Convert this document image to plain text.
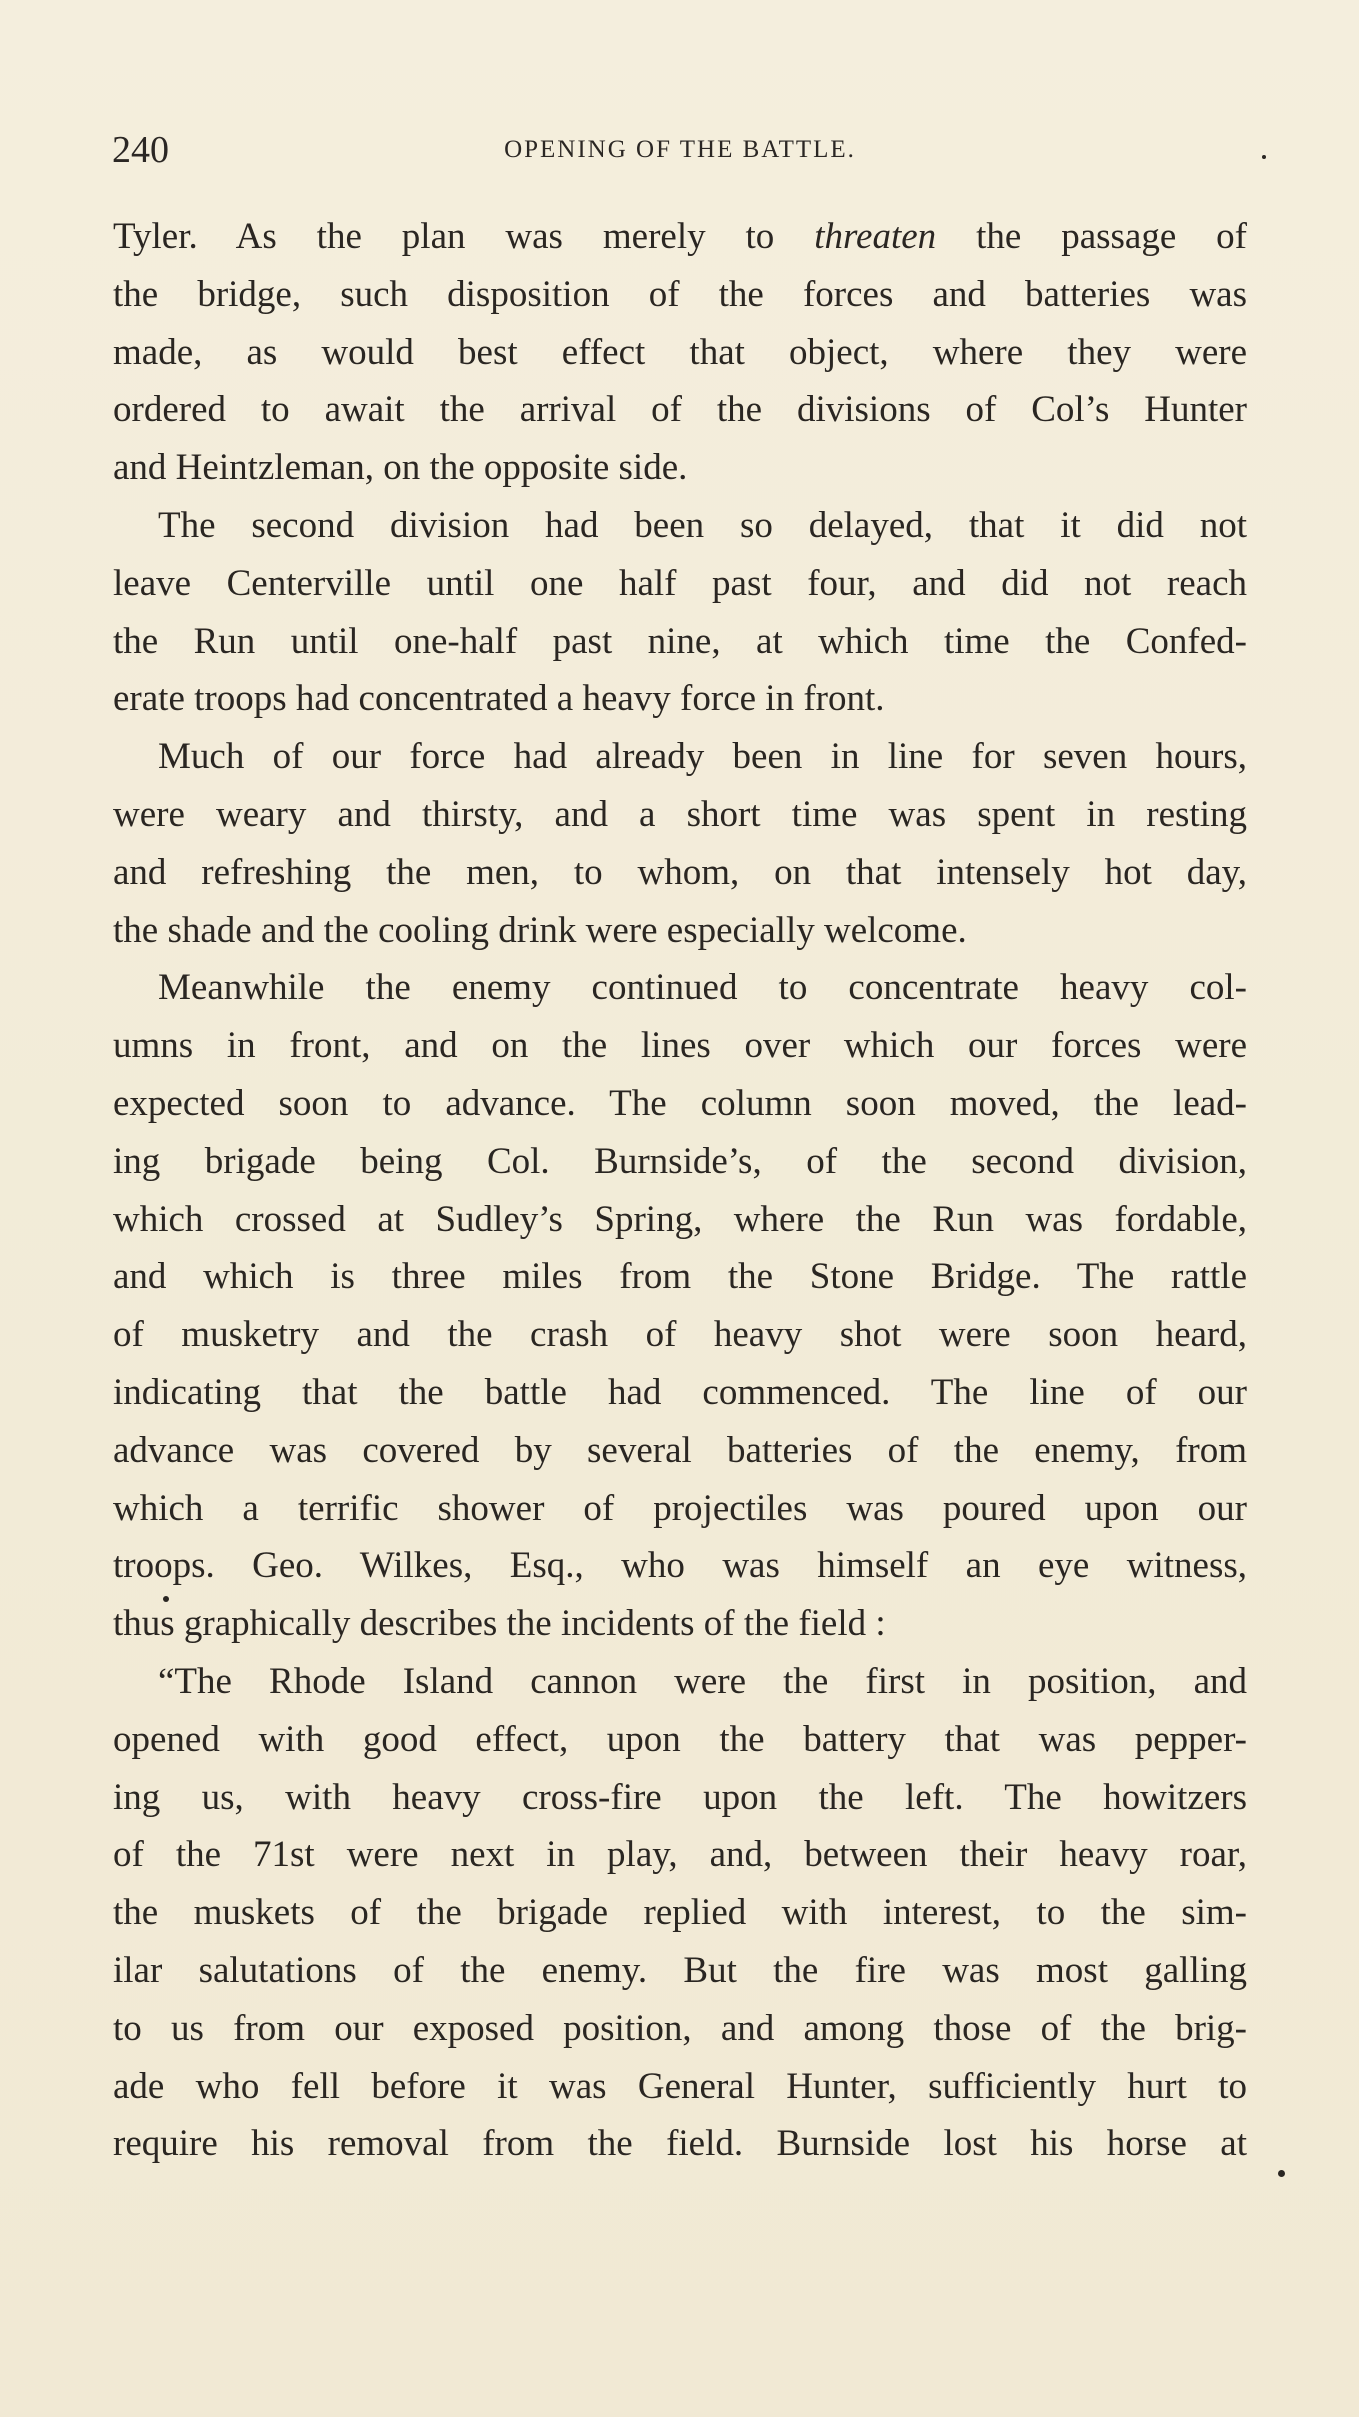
240	OPENING OF THE BATTLE.
Tyler. As the plan was merely to threaten the passage of
the bridge, such disposition of the forces and batteries was
made, as would best effect that object, where they were
ordered to await the arrival of the divisions of Col’s Hunter
and Heintzleman, on the opposite side.
The second division had been so delayed, that it did not
leave Centerville until one half past four, and did not reach
the Run until one-half past nine, at which time the Confed-
erate troops had concentrated a heavy force in front.
Much of our force had already been in line for seven hours,
were weary and thirsty, and a short time was spent in resting
and refreshing the men, to whom, on that intensely hot day,
the shade and the cooling drink were especially welcome.
Meanwhile the enemy continued to concentrate heavy col-
umns in front, and on the lines over which our forces were
expected soon to advance. The column soon moved, the lead-
ing brigade being Col. Burnside’s, of the second division,
which crossed at Sudley’s Spring, where the Run was fordable,
and which is three miles from the Stone Bridge. The rattle
of musketry and the crash of heavy shot were soon heard,
indicating that the battle had commenced. The line of our
advance was covered by several batteries of the enemy, from
which a terrific shower of projectiles was poured upon our
troops. Geo. Wilkes, Esq., who was himself an eye witness,
thus graphically describes the incidents of the field :
“The Rhode Island cannon were the first in position, and
opened with good effect, upon the battery that was pepper-
ing us, with heavy cross-fire upon the left. The howitzers
of the 71st were next in play, and, between their heavy roar,
the muskets of the brigade replied with interest, to the sim-
ilar salutations of the enemy. But the fire was most galling
to us from our exposed position, and among those of the brig-
ade who fell before it was General Hunter, sufficiently hurt to
require his removal from the field. Burnside lost his horse at
